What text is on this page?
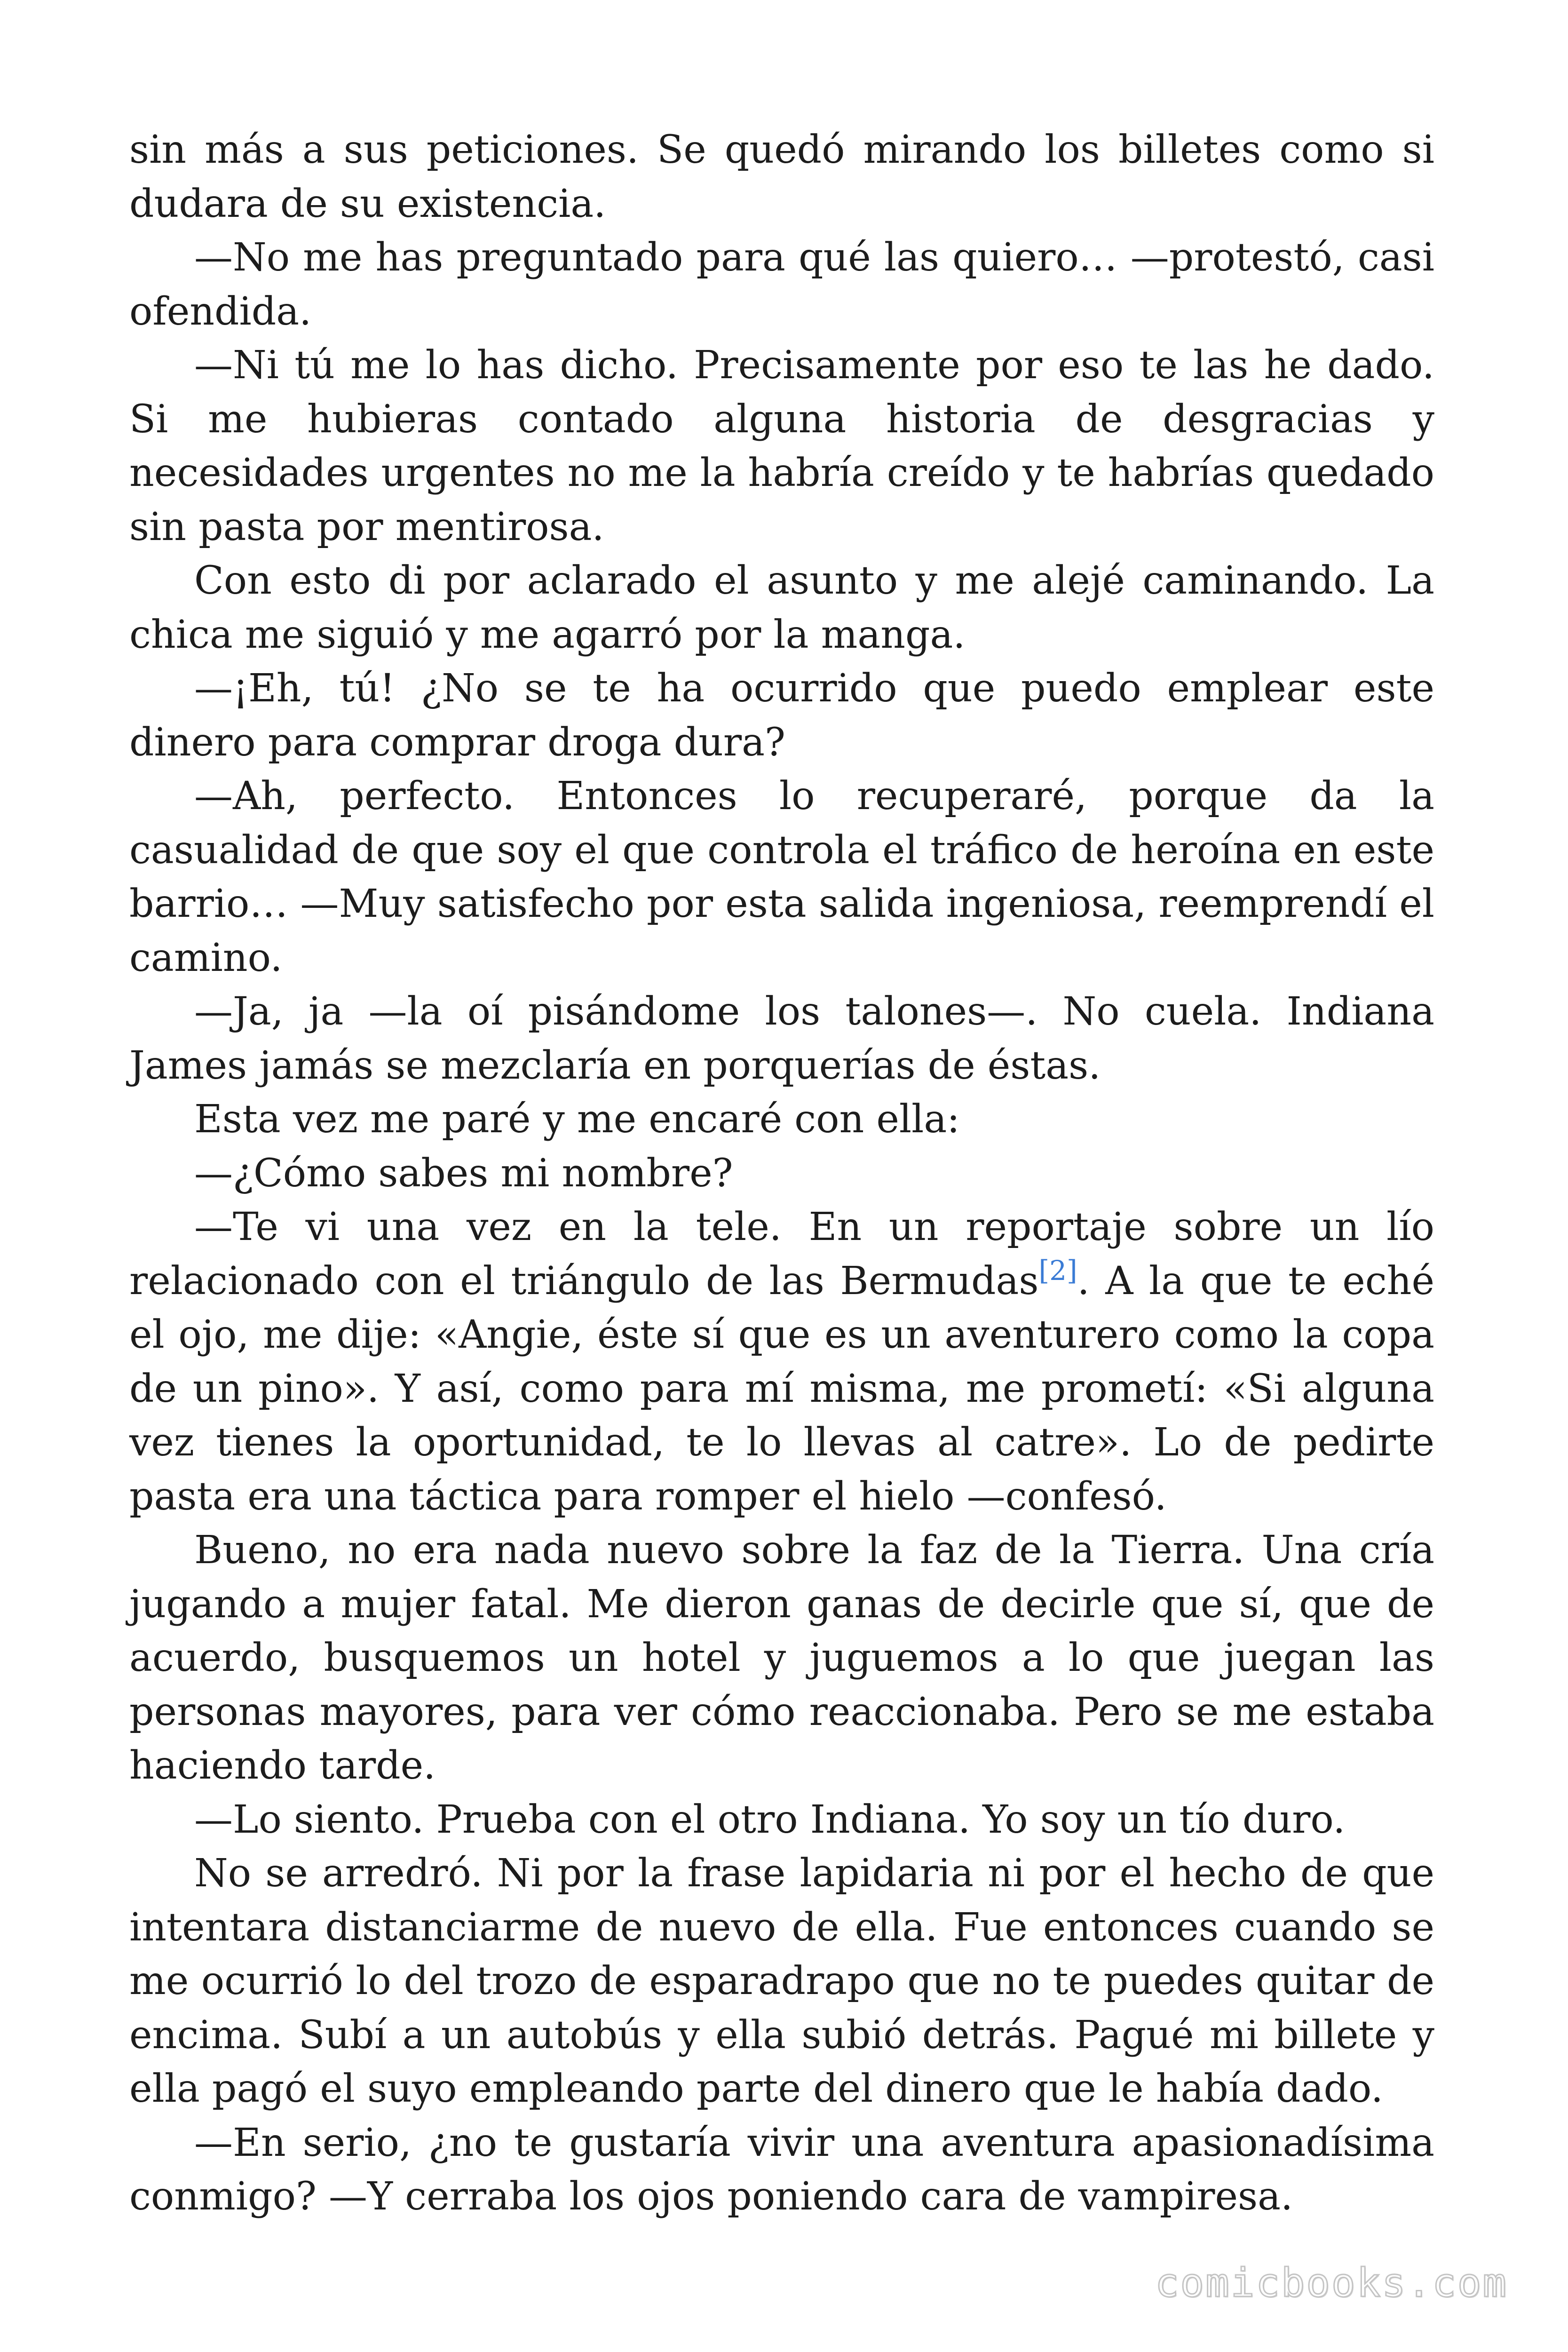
sin más a sus peticiones. Se quedó mirando los billetes como si dudara de su existencia.

—No me has preguntado para qué las quiero… —protestó, casi ofendida.

—Ni tú me lo has dicho. Precisamente por eso te las he dado. Si me hubieras contado alguna historia de desgracias y necesidades urgentes no me la habría creído y te habrías quedado sin pasta por mentirosa.

Con esto di por aclarado el asunto y me alejé caminando. La chica me siguió y me agarró por la manga.

—¡Eh, tú! ¿No se te ha ocurrido que puedo emplear este dinero para comprar droga dura?

—Ah, perfecto. Entonces lo recuperaré, porque da la casualidad de que soy el que controla el tráfico de heroína en este barrio… —Muy satisfecho por esta salida ingeniosa, reemprendí el camino.

—Ja, ja —la oí pisándome los talones—. No cuela. Indiana James jamás se mezclaría en porquerías de éstas.

Esta vez me paré y me encaré con ella:

—¿Cómo sabes mi nombre?

—Te vi una vez en la tele. En un reportaje sobre un lío relacionado con el triángulo de las Bermudas[2]. A la que te eché el ojo, me dije: «Angie, éste sí que es un aventurero como la copa de un pino». Y así, como para mí misma, me prometí: «Si alguna vez tienes la oportunidad, te lo llevas al catre». Lo de pedirte pasta era una táctica para romper el hielo —confesó.

Bueno, no era nada nuevo sobre la faz de la Tierra. Una cría jugando a mujer fatal. Me dieron ganas de decirle que sí, que de acuerdo, busquemos un hotel y juguemos a lo que juegan las personas mayores, para ver cómo reaccionaba. Pero se me estaba haciendo tarde.

—Lo siento. Prueba con el otro Indiana. Yo soy un tío duro.

No se arredró. Ni por la frase lapidaria ni por el hecho de que intentara distanciarme de nuevo de ella. Fue entonces cuando se me ocurrió lo del trozo de esparadrapo que no te puedes quitar de encima. Subí a un autobús y ella subió detrás. Pagué mi billete y ella pagó el suyo empleando parte del dinero que le había dado.

—En serio, ¿no te gustaría vivir una aventura apasionadísima conmigo? —Y cerraba los ojos poniendo cara de vampiresa.

comicbooks.com
